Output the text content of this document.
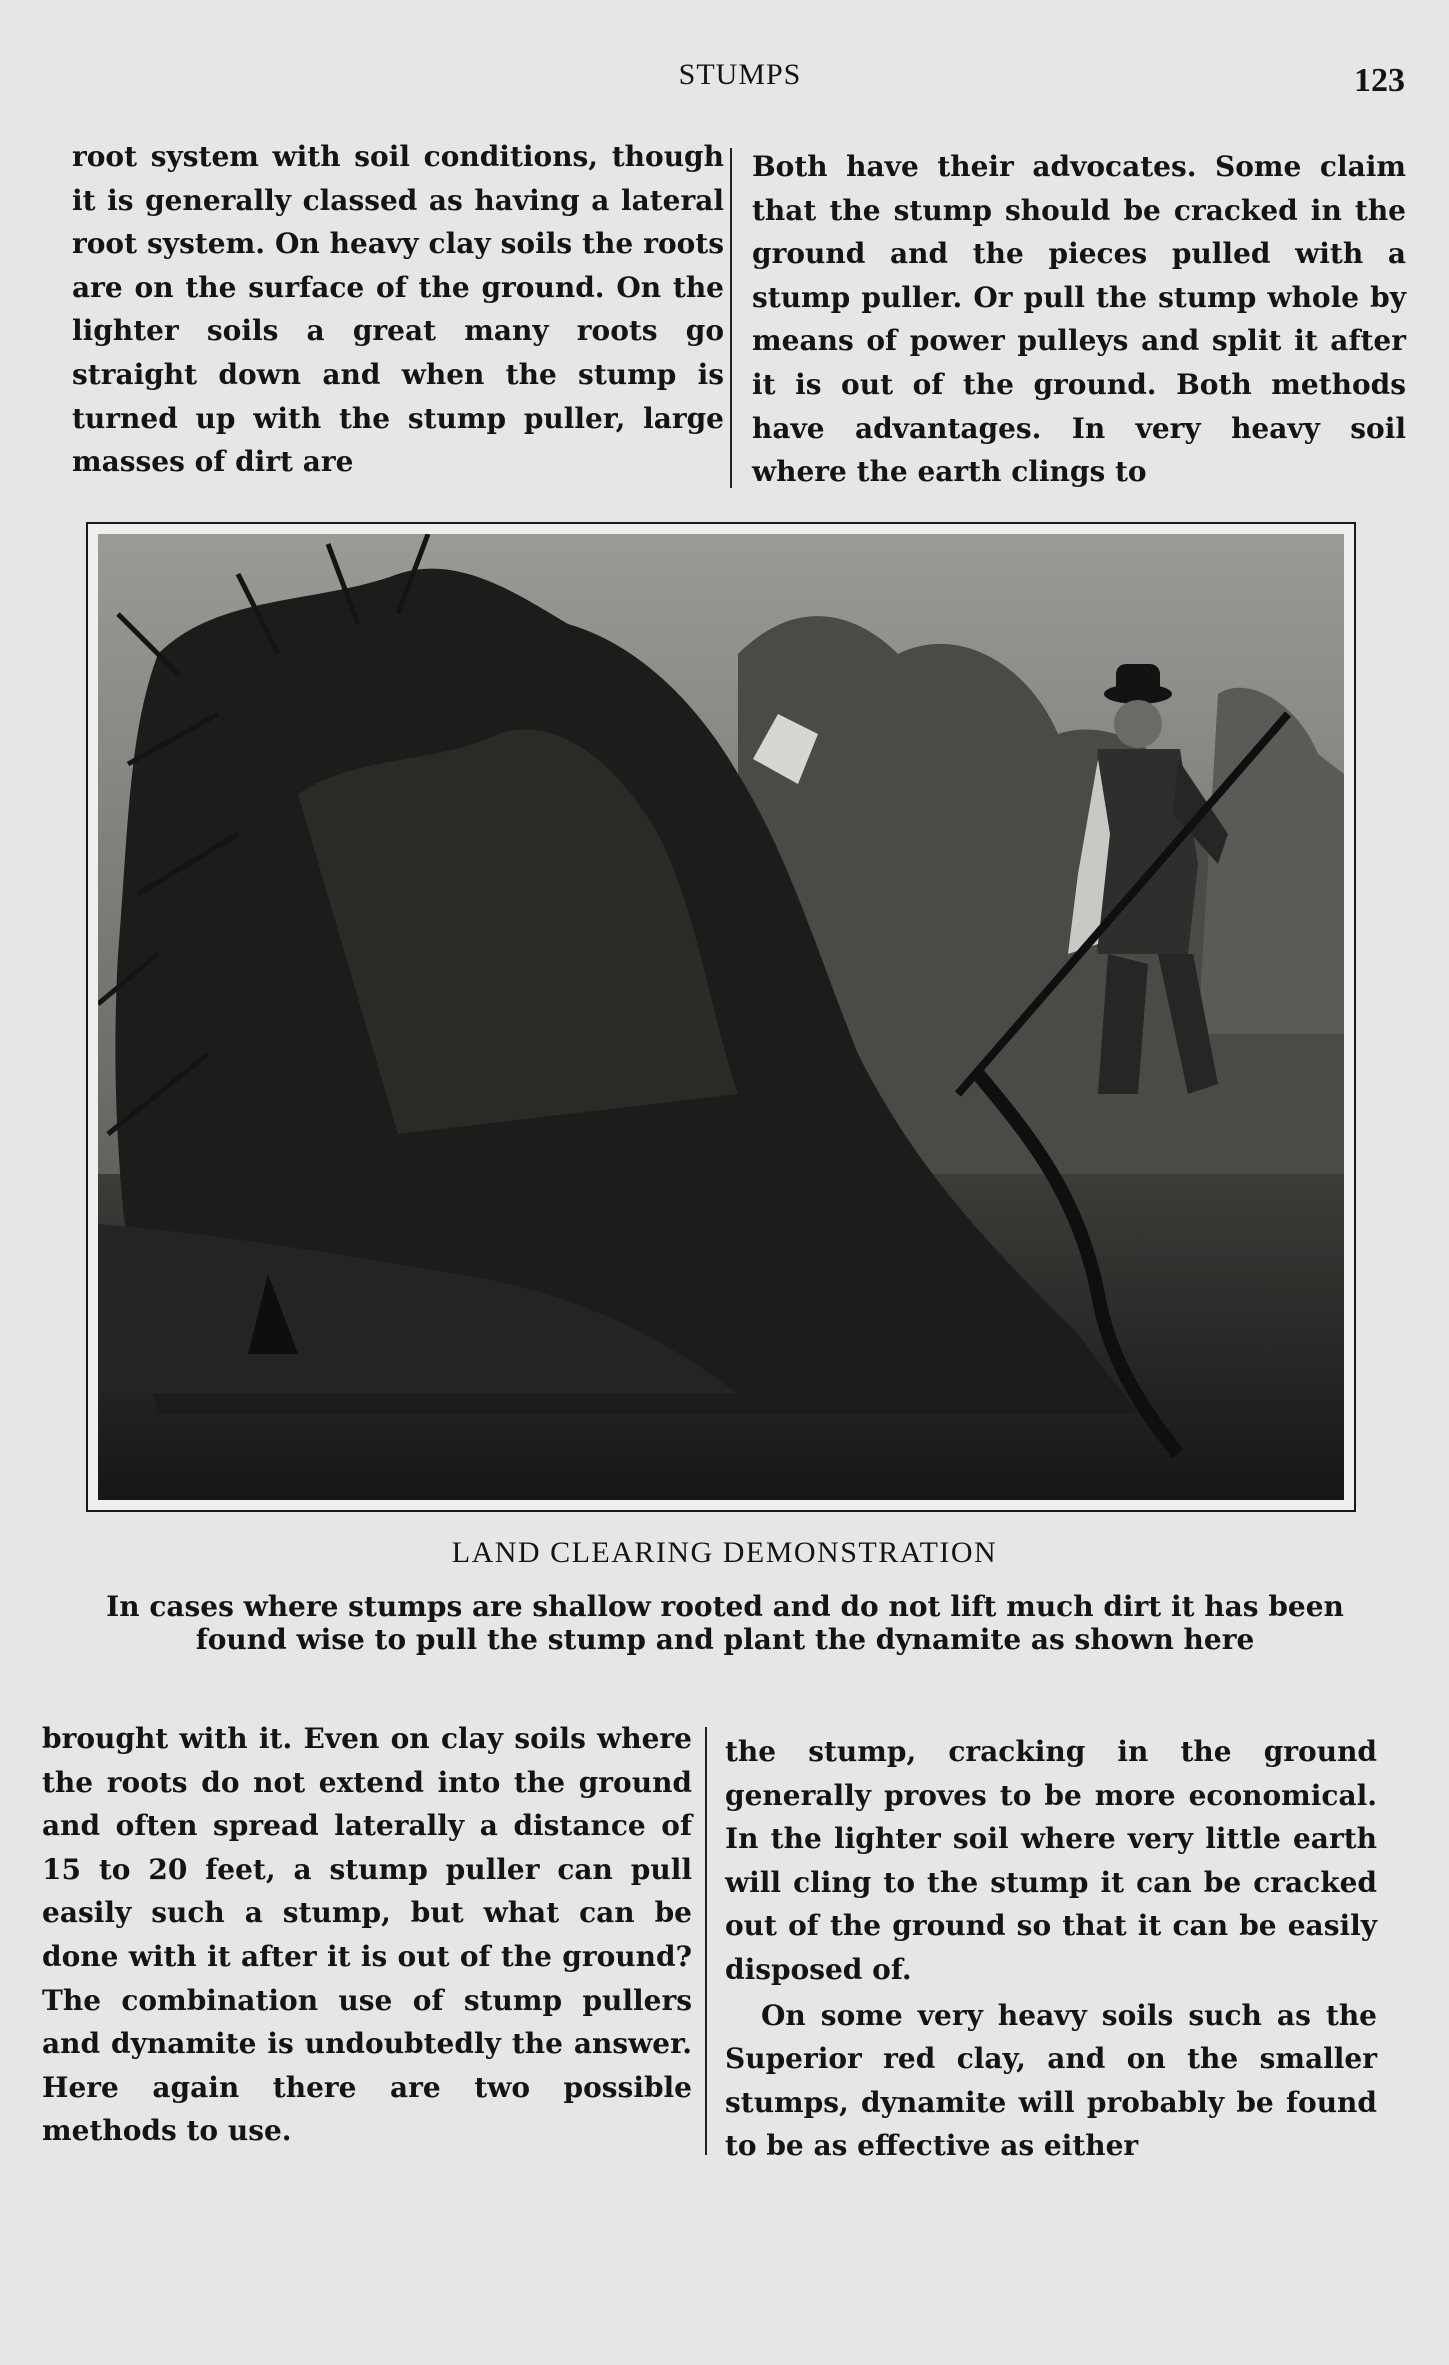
STUMPS	123

root system with soil conditions, though it is generally classed as having a lateral root system. On heavy clay soils the roots are on the surface of the ground. On the lighter soils a great many roots go straight down and when the stump is turned up with the stump puller, large masses of dirt are

Both have their advocates. Some claim that the stump should be cracked in the ground and the pieces pulled with a stump puller. Or pull the stump whole by means of power pulleys and split it after it is out of the ground. Both methods have advantages. In very heavy soil where the earth clings to

LAND CLEARING DEMONSTRATION
In cases where stumps are shallow rooted and do not lift much dirt it has been found wise to pull the stump and plant the dynamite as shown here

brought with it. Even on clay soils where the roots do not extend into the ground and often spread laterally a distance of 15 to 20 feet, a stump puller can pull easily such a stump, but what can be done with it after it is out of the ground? The combination use of stump pullers and dynamite is undoubtedly the answer. Here again there are two possible methods to use.

the stump, cracking in the ground generally proves to be more economical. In the lighter soil where very little earth will cling to the stump it can be cracked out of the ground so that it can be easily disposed of.

On some very heavy soils such as the Superior red clay, and on the smaller stumps, dynamite will probably be found to be as effective as either
